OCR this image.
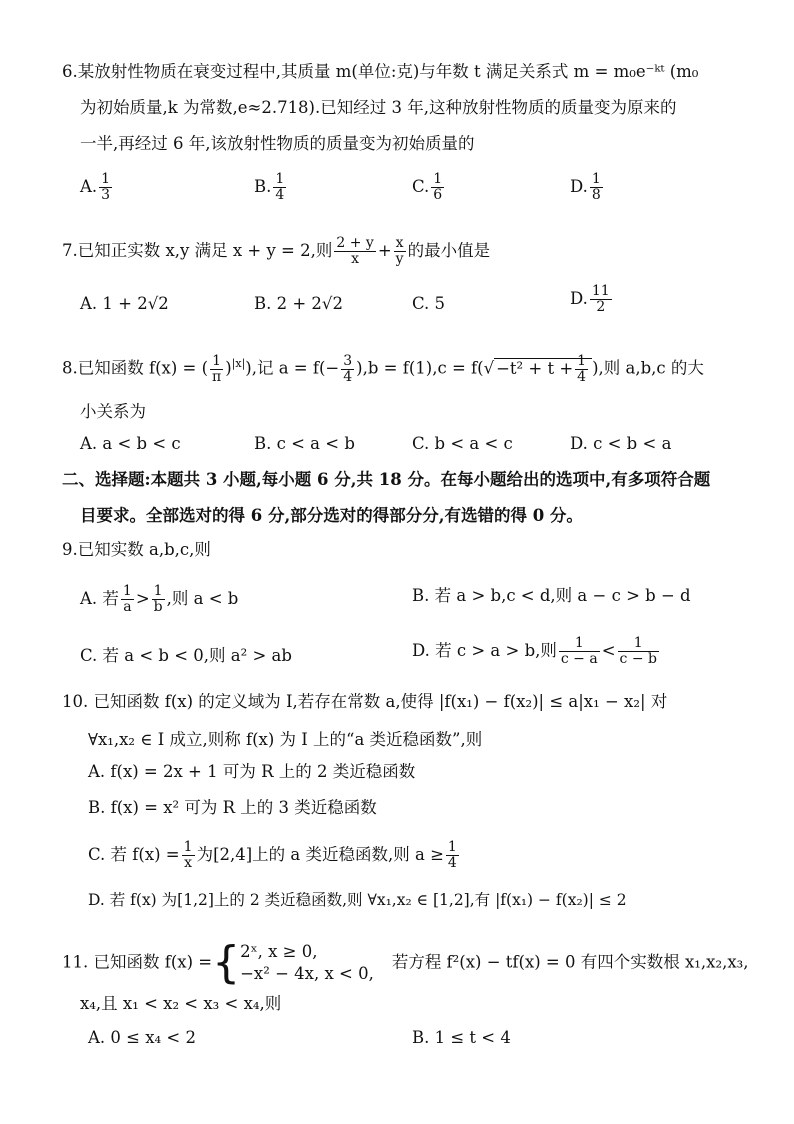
6.某放射性物质在衰变过程中,其质量 m(单位:克)与年数 t 满足关系式 m = m₀e⁻ᵏᵗ (m₀
为初始质量,k 为常数,e≈2.718).已知经过 3 年,这种放射性物质的质量变为原来的
一半,再经过 6 年,该放射性物质的质量变为初始质量的
A. $\frac{1}{3}$	B. $\frac{1}{4}$	C. $\frac{1}{6}$	D. $\frac{1}{8}$
7.已知正实数 x,y 满足 x + y = 2,则 $\frac{2 + y}{x} + \frac{x}{y}$ 的最小值是
A. 1 + 2√2	B. 2 + 2√2	C. 5	D. $\frac{11}{2}$
8.已知函数 f(x) = ( $\frac{1}{\pi} )^{|x|}$),记 $a = f(- \frac{3}{4} ),b = f(1),c = f(√ -t^2 + t + \frac{1}{4}$ ),则 a,b,c 的大
小关系为
A. a < b < c	B. c < a < b	C. b < a < c	D. c < b < a
二、选择题:本题共 3 小题,每小题 6 分,共 18 分。在每小题给出的选项中,有多项符合题
目要求。全部选对的得 6 分,部分选对的得部分分,有选错的得 0 分。
9.已知实数 a,b,c,则
A. 若 $\frac{1}{a} > \frac{1}{b}$ ,则 a < b	B. 若 a > b,c < d,则 a − c > b − d
C. 若 a < b < 0,则 a² > ab	D. 若 c > a > b,则 $\frac{1}{c - a} < \frac{1}{c - b}$
10. 已知函数 f(x) 的定义域为 I,若存在常数 a,使得 |f(x₁) − f(x₂)| ≤ a|x₁ − x₂| 对
∀x₁,x₂ ∈ I 成立,则称 f(x) 为 I 上的“a 类近稳函数”,则
A. f(x) = 2x + 1 可为 R 上的 2 类近稳函数
B. f(x) = x² 可为 R 上的 3 类近稳函数
C. 若 $f(x) = \frac{1}{x}$ 为[2,4]上的 a 类近稳函数,则 $a \ge \frac{1}{4}$
D. 若 f(x) 为[1,2]上的 2 类近稳函数,则 ∀x₁,x₂ ∈ [1,2],有 |f(x₁) − f(x₂)| ≤ 2
11. 已知函数 f(x) ={ 2ˣ, x ≥ 0,
−x² − 4x, x < 0,
若方程 f²(x) − tf(x) = 0 有四个实数根 x₁,x₂,x₃,
x₄,且 x₁ < x₂ < x₃ < x₄,则
A. 0 ≤ x₄ < 2	B. 1 ≤ t < 4
